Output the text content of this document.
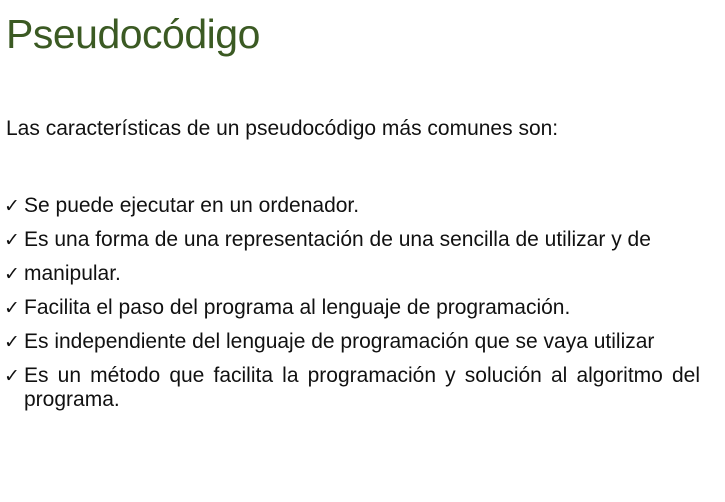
Pseudocódigo

Las características de un pseudocódigo más comunes son:

✓ Se puede ejecutar en un ordenador.
✓ Es una forma de una representación de una sencilla de utilizar y de
✓ manipular.
✓ Facilita el paso del programa al lenguaje de programación.
✓ Es independiente del lenguaje de programación que se vaya utilizar
✓ Es un método que facilita la programación y solución al algoritmo del programa.
